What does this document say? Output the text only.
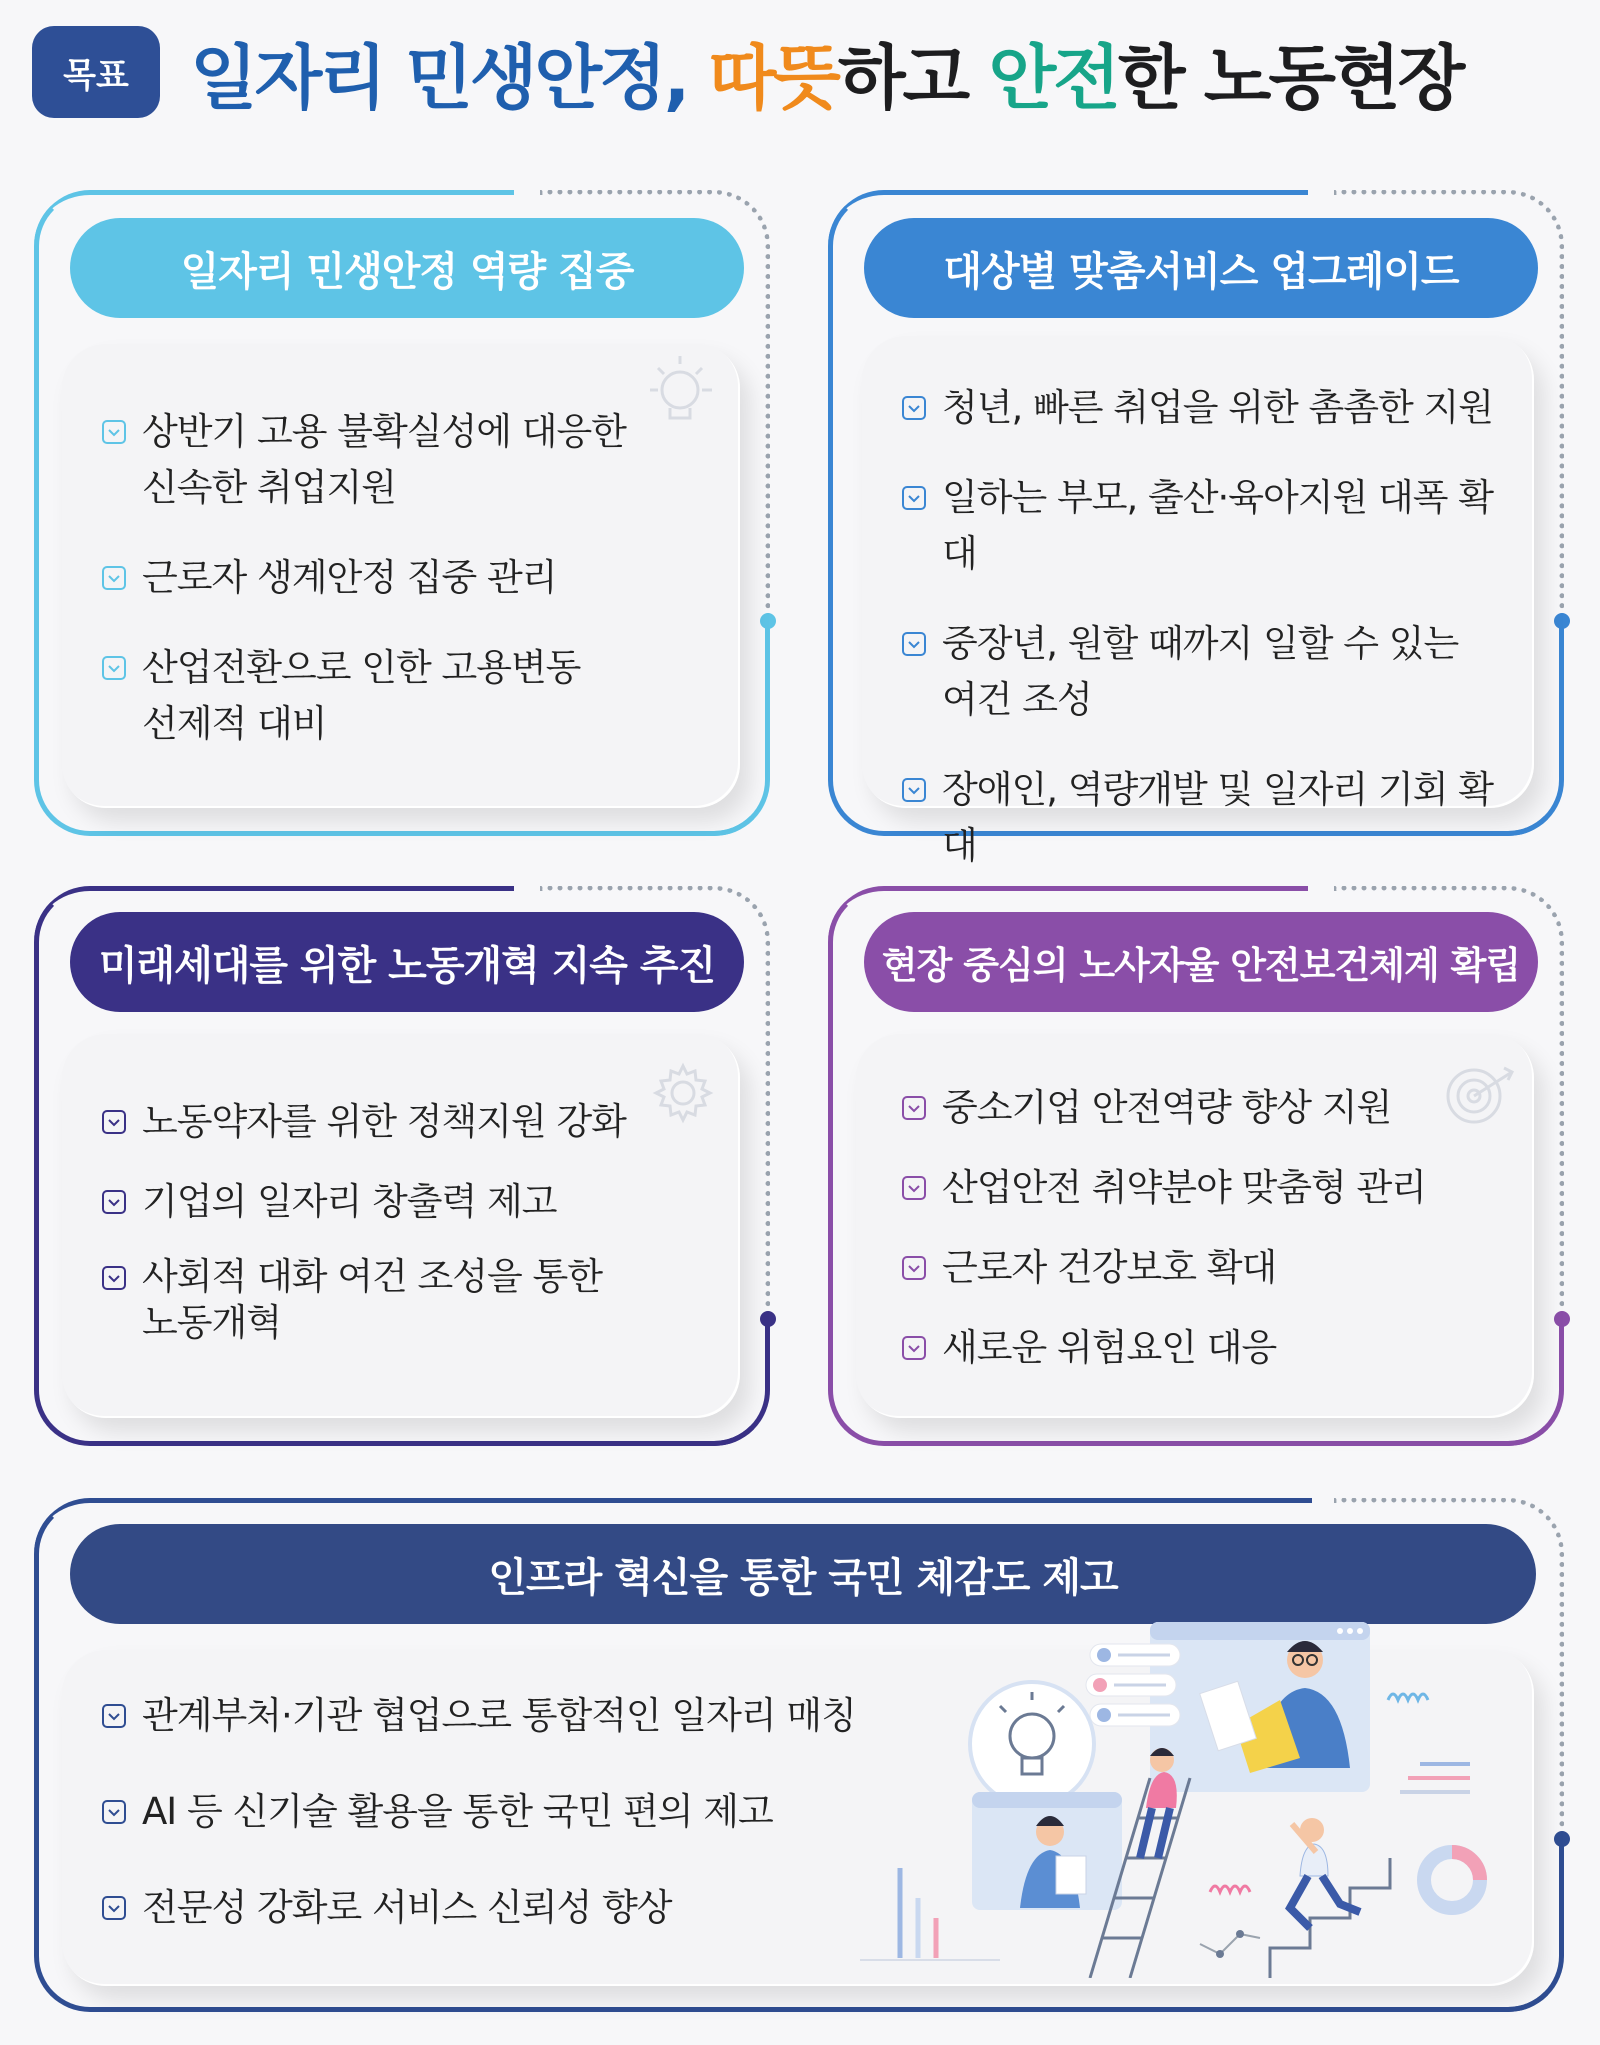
목표 일자리 민생안정, 따뜻하고 안전한 노동현장
일자리 민생안정 역량 집중
상반기 고용 불확실성에 대응한
신속한 취업지원
근로자 생계안정 집중 관리
산업전환으로 인한 고용변동
선제적 대비
대상별 맞춤서비스 업그레이드
청년, 빠른 취업을 위한 촘촘한 지원
일하는 부모, 출산·육아지원 대폭 확대
중장년, 원할 때까지 일할 수 있는
여건 조성
장애인, 역량개발 및 일자리 기회 확대
미래세대를 위한 노동개혁 지속 추진
노동약자를 위한 정책지원 강화
기업의 일자리 창출력 제고
사회적 대화 여건 조성을 통한
노동개혁
현장 중심의 노사자율 안전보건체계 확립
중소기업 안전역량 향상 지원
산업안전 취약분야 맞춤형 관리
근로자 건강보호 확대
새로운 위험요인 대응
인프라 혁신을 통한 국민 체감도 제고
관계부처·기관 협업으로 통합적인 일자리 매칭
AI 등 신기술 활용을 통한 국민 편의 제고
전문성 강화로 서비스 신뢰성 향상
